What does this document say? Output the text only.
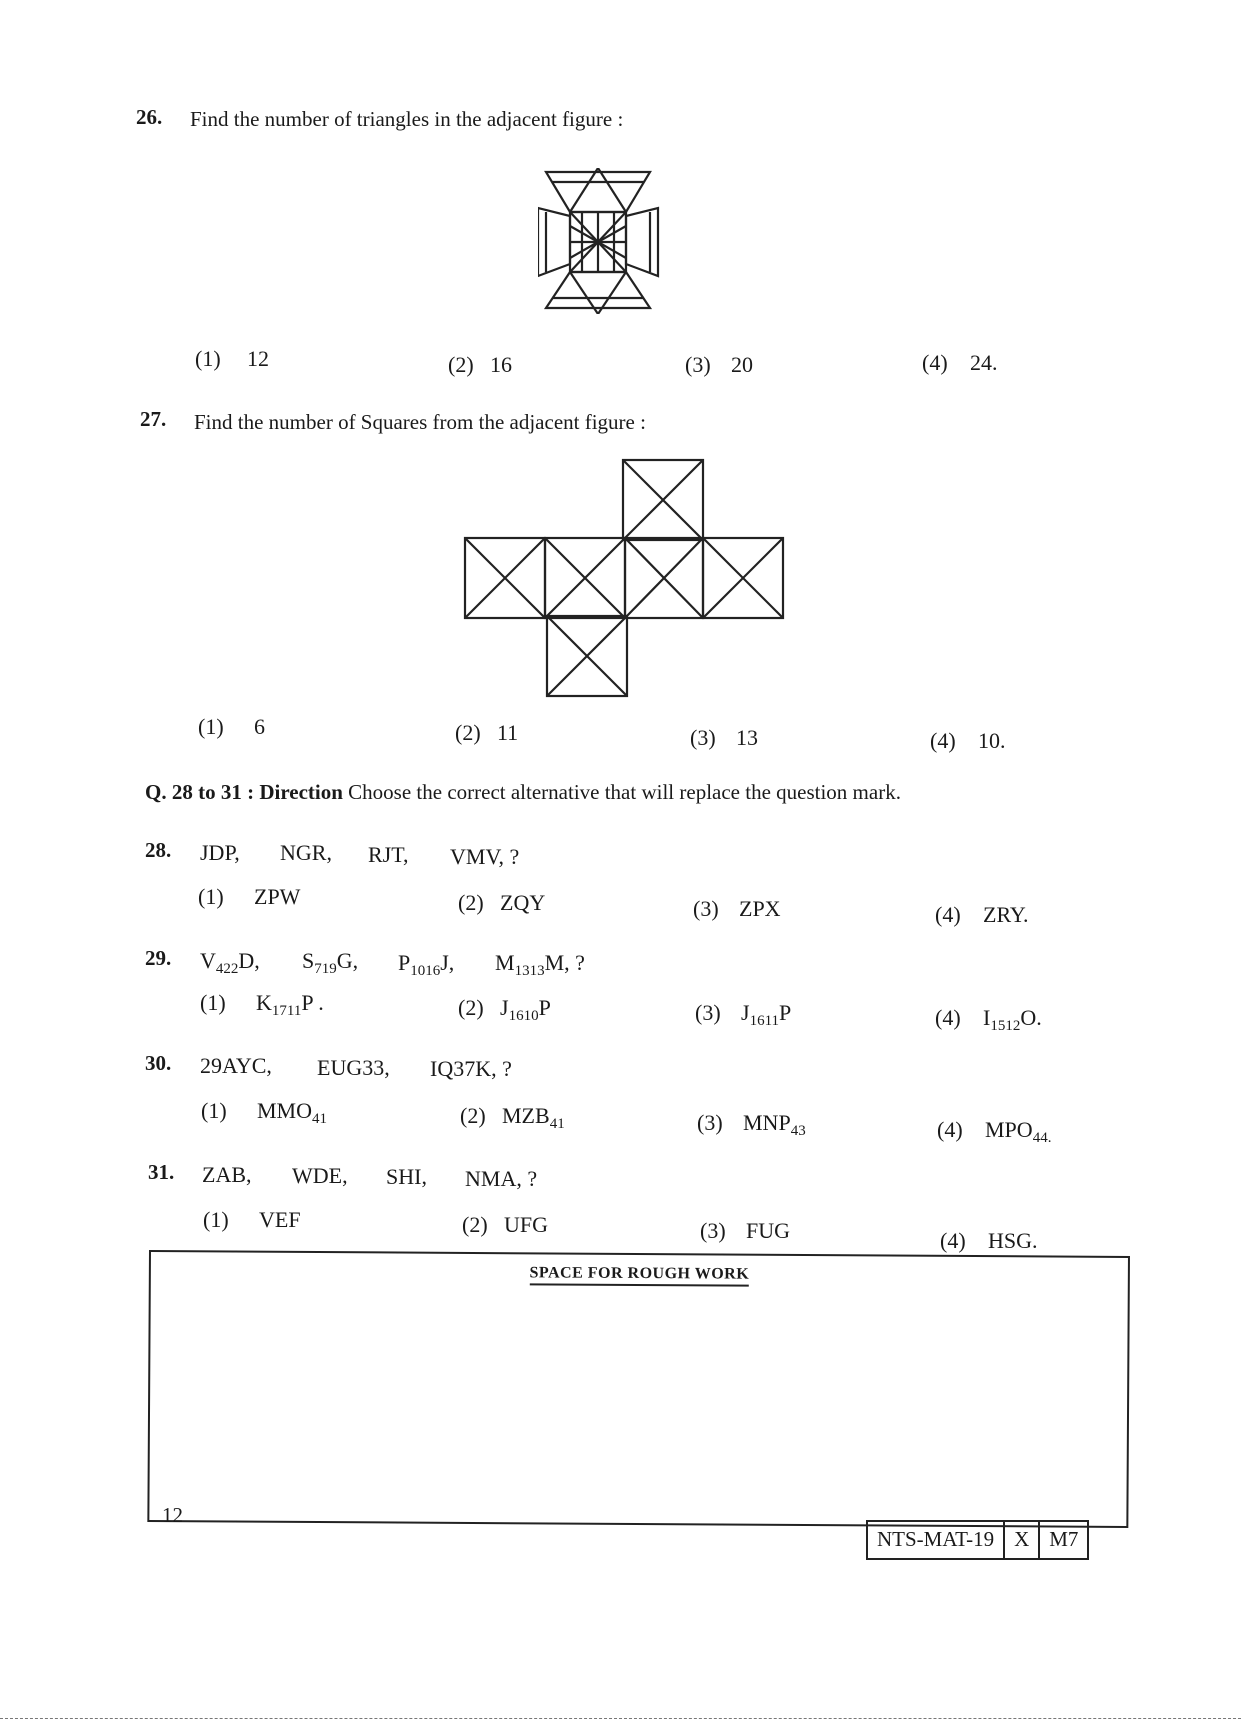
26. Find the number of triangles in the adjacent figure :
(1) 12	(2) 16	(3) 20	(4) 24.
27. Find the number of Squares from the adjacent figure :
(1) 6	(2) 11	(3) 13	(4) 10.
Q. 28 to 31 : Direction Choose the correct alternative that will replace the question mark.
28. JDP, NGR, RJT, VMV, ?
(1) ZPW	(2) ZQY	(3) ZPX	(4) ZRY.
29. $V_{422}D$, $S_{719}G$, $P_{1016}J$, $M_{1313}M$, ?
(1) $K_{1711}P$ .	(2) $J_{1610}P$	(3) $J_{1611}P$	(4) $I_{1512}O$.
30. 29AYC, EUG33, IQ37K, ?
(1) $MMO_{41}$	(2) $MZB_{41}$	(3) $MNP_{43}$	(4) $MPO_{44.}$
31. ZAB, WDE, SHI, NMA, ?
(1) VEF	(2) UFG	(3) FUG	(4) HSG.
SPACE FOR ROUGH WORK
12
NTS-MAT-19 X M7
